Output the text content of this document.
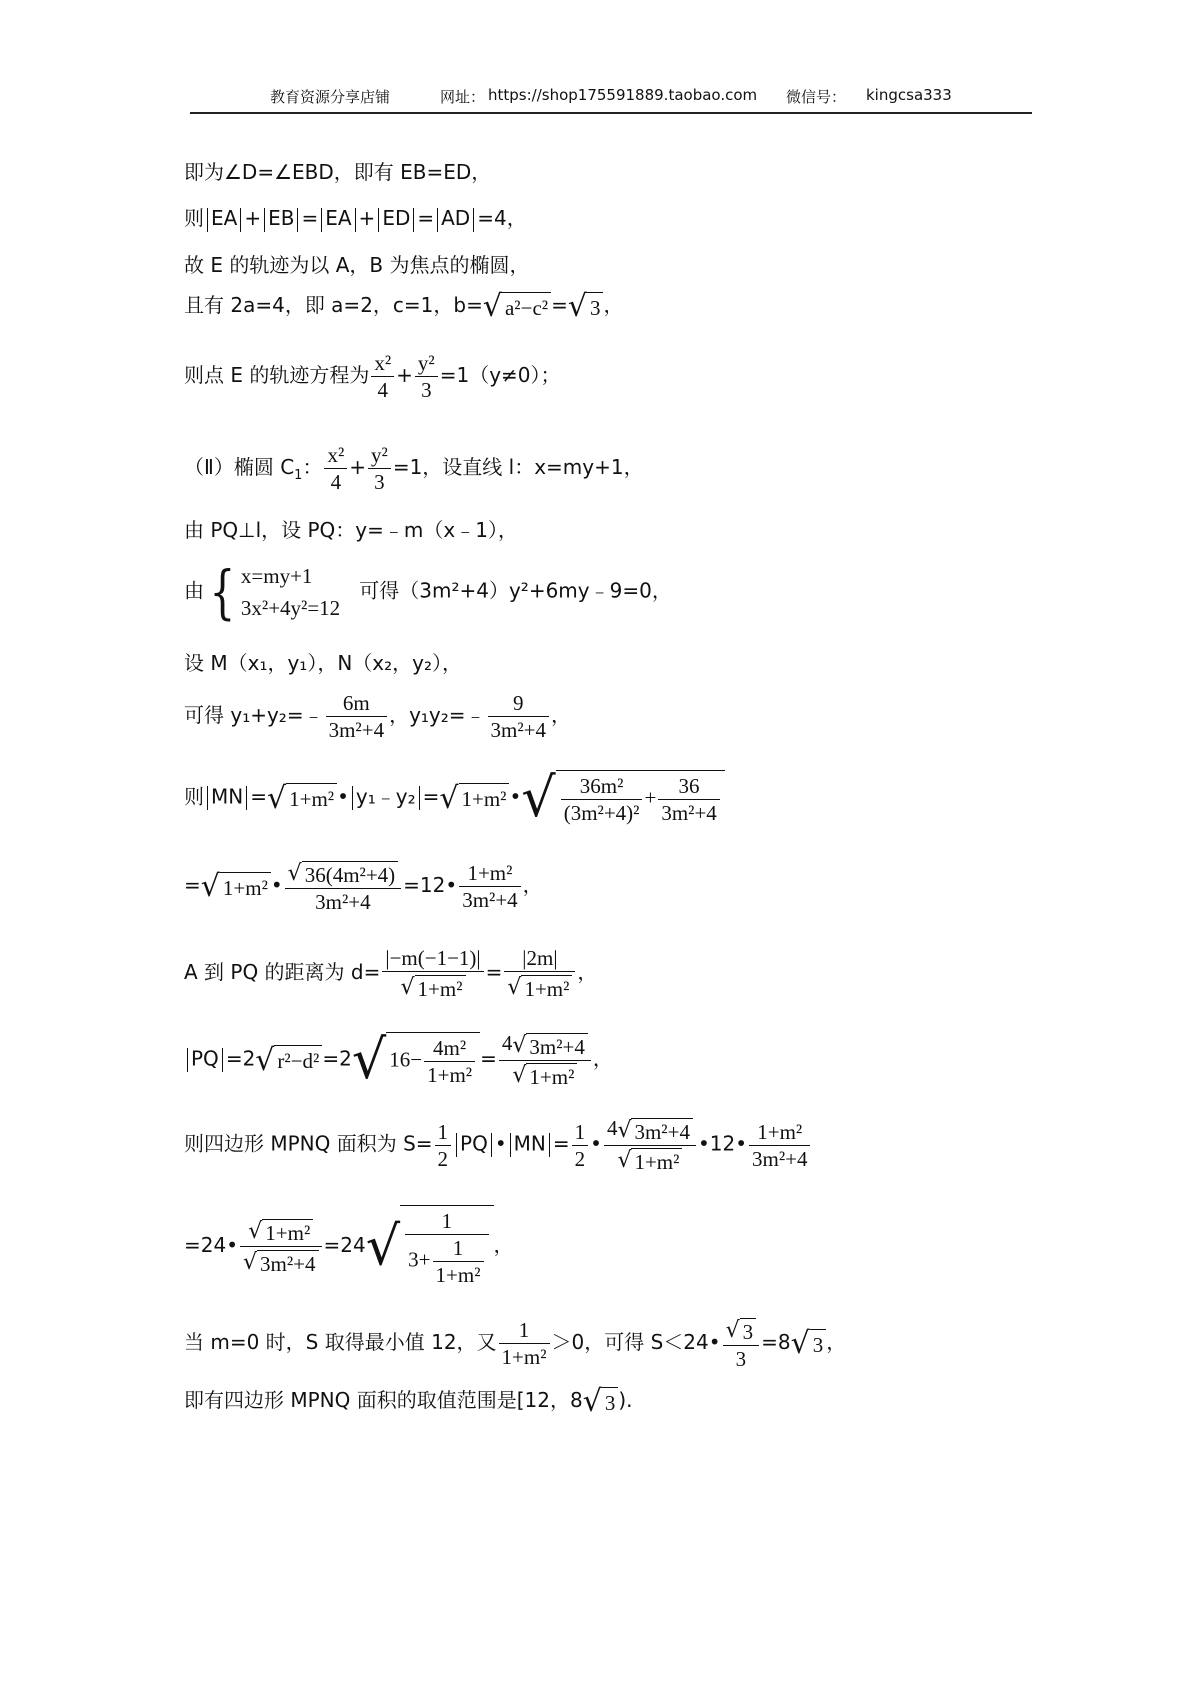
教育资源分享店铺	网址： https://shop175591889.taobao.com 微信号： kingcsa333
即为∠D=∠EBD，即有 EB=ED，
则 EA + EB = EA + ED = AD =4，
故 E 的轨迹为以 A，B 为焦点的椭圆，
且有 2a=4，即 a=2，c=1，b=√ a²−c² =√ 3 ，
则点 E 的轨迹方程为 $\frac{\text{x²}}{4} + \frac{\text{y²}}{3} =1(y\ne 0)$；
（Ⅱ）椭圆 $C_1$： $\frac{\text{x²}}{4} + \frac{\text{y²}}{3} =1$，设直线 l：x=my+1，
由 PQ⊥l，设 PQ：y=﹣m（x﹣1），
由{ x=my+1
3x²+4y²=12   可得（3m²+4）y²+6my﹣9=0，
设 M（x₁，y₁），N（x₂，y₂），
可得 y₁+y₂=﹣ $\frac{6m}{\text{3m²+4}}$ ，y₁y₂=﹣ $\frac{9}{\text{3m²+4}}$ ，
则 MN =√ 1+m² • y₁﹣y₂ =√ 1+m² •√ $\frac{\text{36m²}}{\text{(3m²+4)²}} + \frac{36}{\text{3m²+4}}$
=√ 1+m² • $\frac{\text{√ 36(4m²+4)}}{\text{3m²+4}}$ =12• $\frac{\text{1+m²}}{\text{3m²+4}}$ ，
A 到 PQ 的距离为 $d= \frac{|-m(-1-1)|}{\text{√ 1+m²}} = \frac{|2m|}{\text{√ 1+m²}}$ ，
PQ =2√ r²−d² =2√ $16- \frac{\text{4m²}}{\text{1+m²}} = \frac{\text{4√ 3m²+4}}{\text{√ 1+m²}}$ ，
则四边形 MPNQ 面积为 $S= \frac{1}{2}$ PQ • MN = $\frac{1}{2}$ • $\frac{\text{4√ 3m²+4}}{\text{√ 1+m²}}$ •12• $\frac{\text{1+m²}}{\text{3m²+4}}$
=24• $\frac{\text{√ 1+m²}}{\text{√ 3m²+4}} =24√ \frac{1}{3+ \frac{1}{\text{1+m²}}}$ ，
当 m=0 时，S 取得最小值 12，又 $\frac{1}{\text{1+m²}} >0$，可得 S＜24• $\frac{√ 3}{3} =8√$ 3 ，
即有四边形 MPNQ 面积的取值范围是[12，8√ 3 ).
